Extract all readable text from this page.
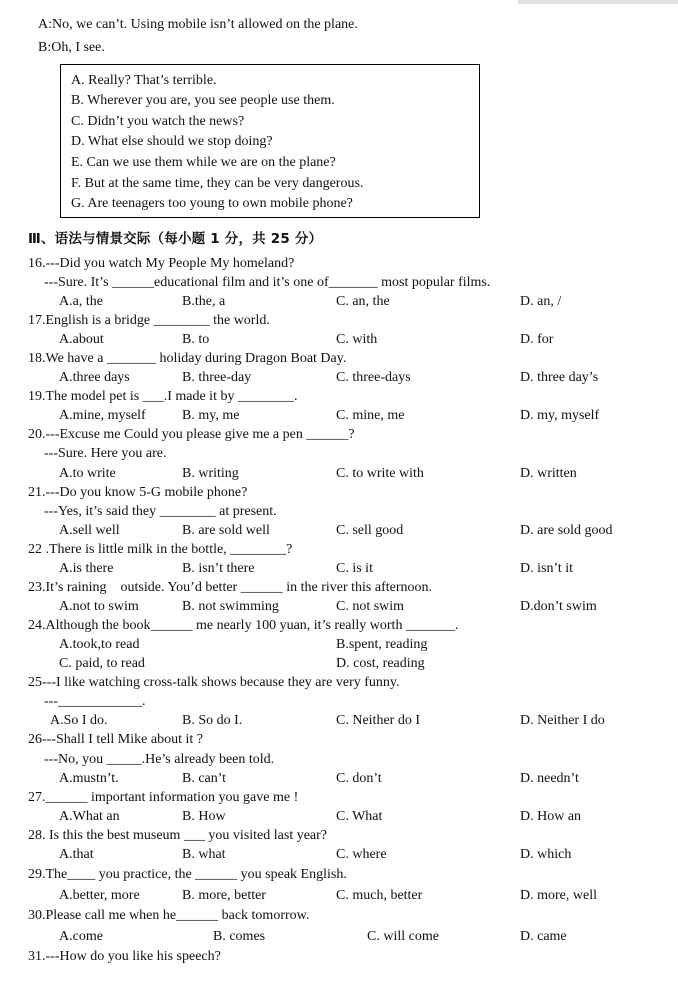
A:No, we can’t. Using mobile isn’t allowed on the plane.
B:Oh, I see.
A. Really? That’s terrible.
B. Wherever you are, you see people use them.
C. Didn’t you watch the news?
D. What else should we stop doing?
E. Can we use them while we are on the plane?
F. But at the same time, they can be very dangerous.
G. Are teenagers too young to own mobile phone?
Ⅲ、语法与情景交际（每小题 1 分，共 25 分）
16.---Did you watch My People My homeland?
---Sure. It’s ______educational film and it’s one of_______ most popular films.
A.a, the	B.the, a	C. an, the	D. an, /
17.English is a bridge ________ the world.
A.about	B. to	C. with	D. for
18.We have a _______ holiday during Dragon Boat Day.
A.three days	B. three-day	C. three-days	D. three day’s
19.The model pet is ___.I made it by ________.
A.mine, myself	B. my, me	C. mine, me	D. my, myself
20.---Excuse me Could you please give me a pen ______?
---Sure. Here you are.
A.to write	B. writing	C. to write with	D. written
21.---Do you know 5-G mobile phone?
---Yes, it’s said they ________ at present.
A.sell well	B. are sold well	C. sell good	D. are sold good
22 .There is little milk in the bottle, ________?
A.is there	B. isn’t there	C. is it	D. isn’t it
23.It’s raining    outside. You’d better ______ in the river this afternoon.
A.not to swim	B. not swimming	C. not swim	D.don’t swim
24.Although the book______ me nearly 100 yuan, it’s really worth _______.
A.took,to read	B.spent, reading
C. paid, to read	D. cost, reading
25---I like watching cross-talk shows because they are very funny.
---____________.
A.So I do.	B. So do I.	C. Neither do I	D. Neither I do
26---Shall I tell Mike about it ?
---No, you _____.He’s already been told.
A.mustn’t.	B. can’t	C. don’t	D. needn’t
27.______ important information you gave me !
A.What an	B. How	C. What	D. How an
28. Is this the best museum ___ you visited last year?
A.that	B. what	C. where	D. which
29.The____ you practice, the ______ you speak English.
A.better, more	B. more, better	C. much, better	D. more, well
30.Please call me when he______ back tomorrow.
A.come	B. comes	C. will come	D. came
31.---How do you like his speech?
